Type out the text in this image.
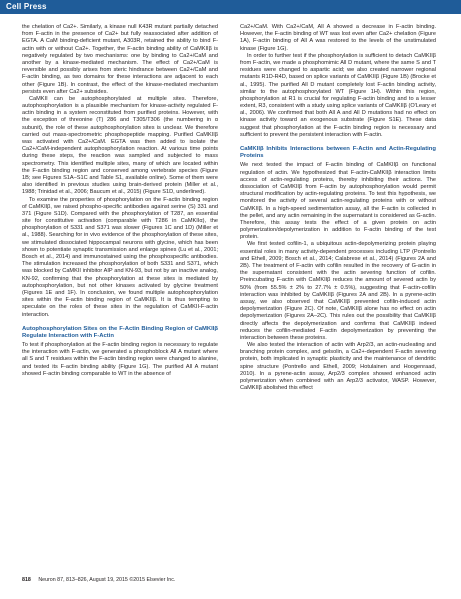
Cell Press

the chelation of Ca2+. Similarly, a kinase null K43R mutant partially detached from F-actin in the presence of Ca2+ but fully reassociated after addition of EGTA. A CaM binding-deficient mutant, A303R, retained the ability to bind F-actin with or without Ca2+. Together, the F-actin binding ability of CaMKIIβ is negatively regulated by two mechanisms: one by binding to Ca2+/CaM and another by a kinase-mediated mechanism. The effect of Ca2+/CaM is reversible and possibly arises from steric hindrance between Ca2+/CaM and F-actin binding, as two domains for these interactions are adjacent to each other (Figure 1B). In contrast, the effect of the kinase-mediated mechanism persists even after Ca2+ subsides.

CaMKII can be autophosphorylated at multiple sites. Therefore, autophosphorylation is a plausible mechanism for kinase-activity regulated F-actin binding in a system reconstituted from purified proteins. However, with the exception of threonine (T) 286 and T305/T306 (the numbering in α subunit), the role of these autophosphorylation sites is unclear. We therefore carried out mass-spectrometric phosphopeptide mapping. Purified CaMKIIβ was activated with Ca2+/CaM. EGTA was then added to isolate the Ca2+/CaM-independent autophosphorylation reaction. At various time points during these steps, the reaction was sampled and subjected to mass spectrometry. This identified multiple sites, many of which are located within the F-actin binding region and conserved among vertebrate species (Figure 1B; see Figures S1A–S1C and Table S1, available online). Some of them were also identified in previous studies using brain-derived protein (Miller et al., 1988; Trinidad et al., 2006; Baucum et al., 2015) (Figure S1D, underlined).

To examine the properties of phosphorylation on the F-actin binding region of CaMKIIβ, we raised phospho-specific antibodies against serine (S) 331 and 371 (Figure S1D). Compared with the phosphorylation of T287, an essential site for constitutive activation (comparable with T286 in CaMKIIα), the phosphorylation of S331 and S371 was slower (Figures 1C and 1D) (Miller et al., 1988). Searching for in vivo evidence of the phosphorylation of these sites, we stimulated dissociated hippocampal neurons with glycine, which has been shown to potentiate synaptic transmission and enlarge spines (Lu et al., 2001; Bosch et al., 2014) and immunostained using the phosphospecific antibodies. The stimulation increased the phosphorylation of both S331 and S371, which was blocked by CaMKII inhibitor AIP and KN-93, but not by an inactive analog, KN-92, confirming that the phosphorylation at these sites is mediated by autophosphorylation, but not other kinases activated by glycine treatment (Figures 1E and 1F). In conclusion, we found multiple autophosphorylation sites within the F-actin binding region of CaMKIIβ. It is thus tempting to speculate on the roles of these sites in the regulation of CaMKII-F-actin interaction.

Autophosphorylation Sites on the F-Actin Binding Region of CaMKIIβ Regulate Interaction with F-Actin

To test if phosphorylation at the F-actin binding region is necessary to regulate the interaction with F-actin, we generated a phosphoblock All A mutant where all S and T residues within the F-actin binding region were changed to alanine, and tested its F-actin binding ability (Figure 1G). The purified All A mutant showed F-actin binding comparable to WT in the absence of

Ca2+/CaM. With Ca2+/CaM, All A showed a decrease in F-actin binding. However, the F-actin binding of WT was lost even after Ca2+ chelation (Figure 1A), F-actin binding of All A was restored to the levels of the unstimulated kinase (Figure 1G).

In order to further test if the phosphorylation is sufficient to detach CaMKIIβ from F-actin, we made a phosphomimic All D mutant, where the same S and T residues were changed to aspartic acid; we also created narrower regional mutants R1D-R4D, based on splice variants of CaMKIIβ (Figure 1B) (Brocke et al., 1995). The purified All D mutant completely lost F-actin binding activity, similar to the autophosphorylated WT (Figure 1H). Within this region, phosphorylation at R1 is crucial for regulating F-actin binding and to a lesser extent, R3, consistent with a study using splice variants of CaMKIIβ (O'Leary et al., 2006). We confirmed that both All A and All D mutations had no effect on kinase activity toward an exogenous substrate (Figure S1E). These data suggest that phosphorylation at the F-actin binding region is necessary and sufficient to prevent the persistent interaction with F-actin.

CaMKIIβ Inhibits Interactions between F-Actin and Actin-Regulating Proteins

We next tested the impact of F-actin binding of CaMKIIβ on functional regulation of actin. We hypothesized that F-actin-CaMKIIβ interaction limits access of actin-regulating proteins, thereby inhibiting their actions. The dissociation of CaMKIIβ from F-actin by autophosphorylation would permit structural modification by actin-regulating proteins. To test this hypothesis, we monitored the activity of several actin-regulating proteins with or without CaMKIIβ. In a high-speed sedimentation assay, all the F-actin is collected in the pellet, and any actin remaining in the supernatant is considered as G-actin. Therefore, this assay tests the effect of a given protein on actin polymerization/depolymerization in addition to F-actin binding of the test protein.

We first tested cofilin-1, a ubiquitous actin-depolymerizing protein playing essential roles in many activity-dependent processes including LTP (Pontrello and Ethell, 2009; Bosch et al., 2014; Calabrese et al., 2014) (Figures 2A and 2B). The treatment of F-actin with cofilin resulted in the recovery of G-actin in the supernatant consistent with the actin severing function of cofilin. Preincubating F-actin with CaMKIIβ reduces the amount of severed actin by 50% (from 55.5% ± 2% to 27.7% ± 0.5%), suggesting that F-actin-cofilin interaction was inhibited by CaMKIIβ (Figures 2A and 2B). In a pyrene-actin assay, we also observed that CaMKIIβ prevented cofilin-induced actin depolymerization (Figure 2C). Of note, CaMKIIβ alone has no effect on actin depolymerization (Figures 2A–2C). This rules out the possibility that CaMKIIβ directly affects the depolymerization and confirms that CaMKIIβ indeed reduces the cofilin-mediated F-actin depolymerization by preventing the interaction between these proteins.

We also tested the interaction of actin with Arp2/3, an actin-nucleating and branching protein complex, and gelsolin, a Ca2+-dependent F-actin severing protein, both implicated in synaptic plasticity and the maintenance of dendritic spine structure (Pontrello and Ethell, 2009; Hotulainen and Hoogenraad, 2010). In a pyrene-actin assay, Arp2/3 complex showed enhanced actin polymerization when combined with an Arp2/3 activator, WASP. However, CaMKIIβ abolished this effect

818 Neuron 87, 813–826, August 19, 2015 ©2015 Elsevier Inc.
